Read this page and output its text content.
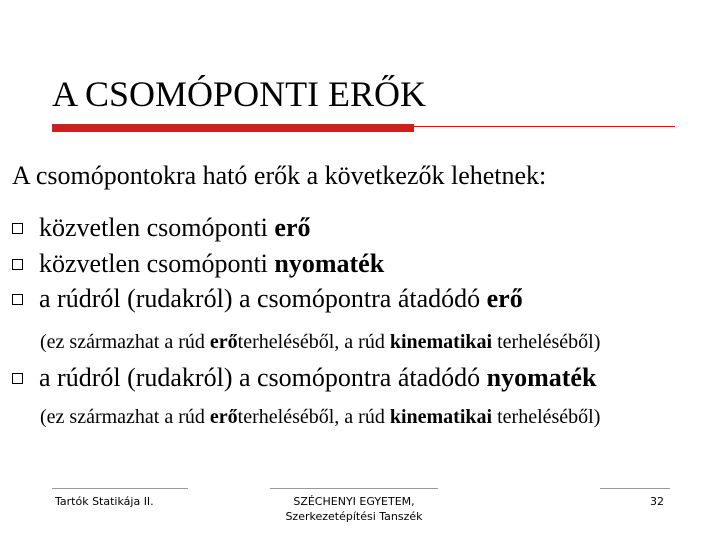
A CSOMÓPONTI ERŐK
A csomópontokra ható erők a következők lehetnek:
közvetlen csomóponti erő
közvetlen csomóponti nyomaték
a rúdról (rudakról) a csomópontra átadódó erő
(ez származhat a rúd erőterheléséből, a rúd kinematikai terheléséből)
a rúdról (rudakról) a csomópontra átadódó nyomaték
(ez származhat a rúd erőterheléséből, a rúd kinematikai terheléséből)
Tartók Statikája II.	SZÉCHENYI EGYETEM,
Szerkezetépítési Tanszék
32
